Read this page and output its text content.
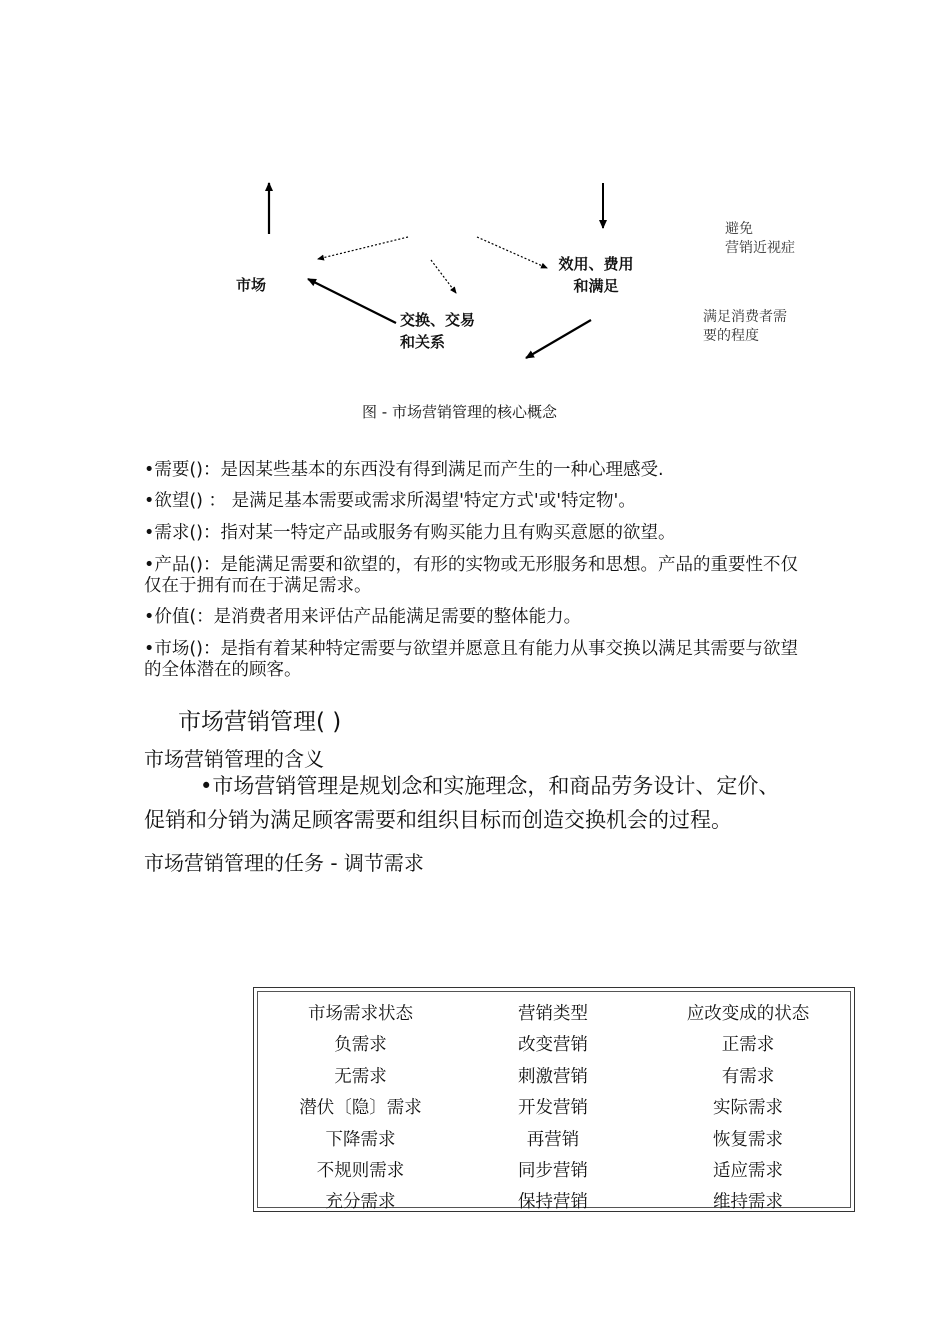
市场
交换、交易
和关系
效用、费用
和满足
避免
营销近视症
满足消费者需
要的程度
图 - 市场营销管理的核心概念
•需要()：是因某些基本的东西没有得到满足而产生的一种心理感受.
•欲望() ： 是满足基本需要或需求所渴望'特定方式'或'特定物'。
•需求()：指对某一特定产品或服务有购买能力且有购买意愿的欲望。
•产品()：是能满足需要和欲望的，有形的实物或无形服务和思想。产品的重要性不仅仅在于拥有而在于满足需求。
•价值(：是消费者用来评估产品能满足需要的整体能力。
•市场()：是指有着某种特定需要与欲望并愿意且有能力从事交换以满足其需要与欲望的全体潜在的顾客。
市场营销管理( )
市场营销管理的含义
•市场营销管理是规划念和实施理念，和商品劳务设计、定价、
促销和分销为满足顾客需要和组织目标而创造交换机会的过程。
市场营销管理的任务 - 调节需求
市场需求状态	营销类型	应改变成的状态
负需求	改变营销	正需求
无需求	刺激营销	有需求
潜伏〔隐〕需求	开发营销	实际需求
下降需求	再营销	恢复需求
不规则需求	同步营销	适应需求
充分需求	保持营销	维持需求
